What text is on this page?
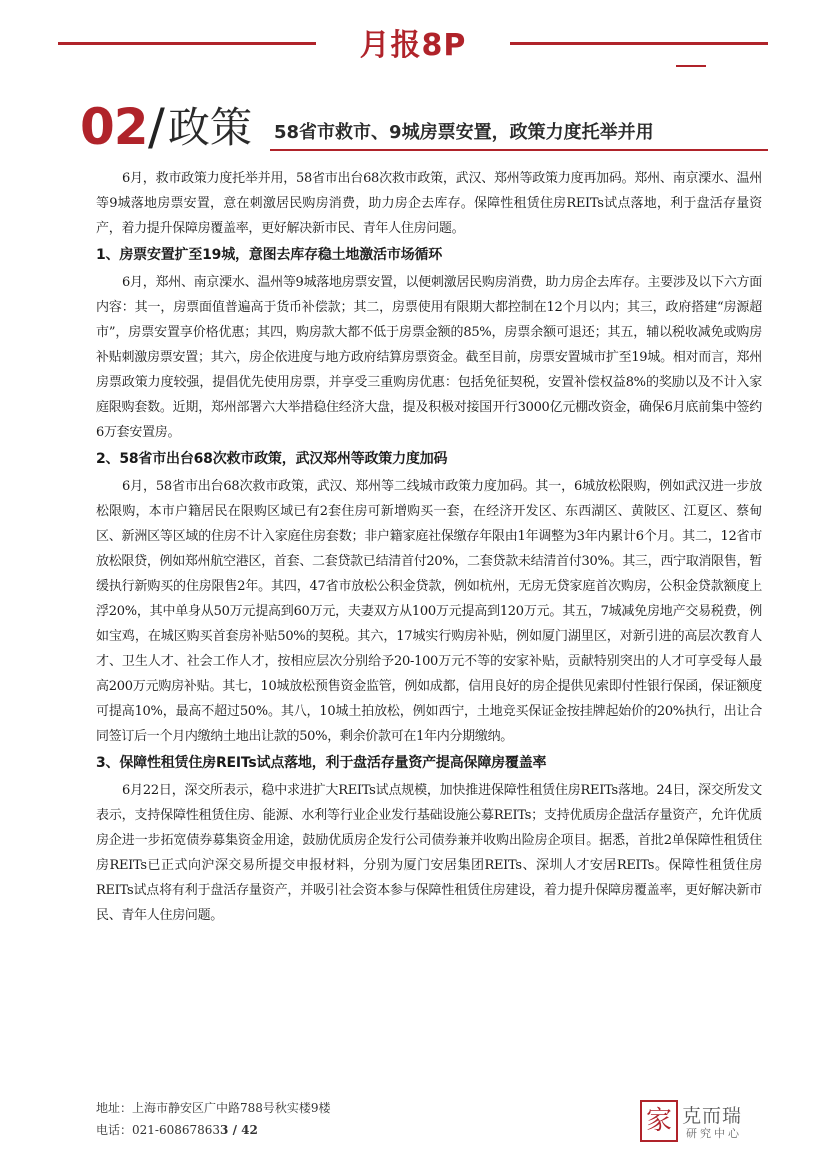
月报8P
02 / 政策 58省市救市、9城房票安置，政策力度托举并用

6月，救市政策力度托举并用，58省市出台68次救市政策，武汉、郑州等政策力度再加码。郑州、南京溧水、温州等9城落地房票安置，意在刺激居民购房消费，助力房企去库存。保障性租赁住房REITs试点落地，利于盘活存量资产，着力提升保障房覆盖率，更好解决新市民、青年人住房问题。

1、房票安置扩至19城，意图去库存稳土地激活市场循环

6月，郑州、南京溧水、温州等9城落地房票安置，以便刺激居民购房消费，助力房企去库存。主要涉及以下六方面内容：其一，房票面值普遍高于货币补偿款；其二，房票使用有限期大都控制在12个月以内；其三，政府搭建“房源超市”，房票安置享价格优惠；其四，购房款大都不低于房票金额的85%，房票余额可退还；其五，辅以税收减免或购房补贴刺激房票安置；其六，房企依进度与地方政府结算房票资金。截至目前，房票安置城市扩至19城。相对而言，郑州房票政策力度较强，提倡优先使用房票，并享受三重购房优惠：包括免征契税，安置补偿权益8%的奖励以及不计入家庭限购套数。近期，郑州部署六大举措稳住经济大盘，提及积极对接国开行3000亿元棚改资金，确保6月底前集中签约6万套安置房。

2、58省市出台68次救市政策，武汉郑州等政策力度加码

6月，58省市出台68次救市政策，武汉、郑州等二线城市政策力度加码。其一，6城放松限购，例如武汉进一步放松限购，本市户籍居民在限购区域已有2套住房可新增购买一套，在经济开发区、东西湖区、黄陂区、江夏区、蔡甸区、新洲区等区域的住房不计入家庭住房套数；非户籍家庭社保缴存年限由1年调整为3年内累计6个月。其二，12省市放松限贷，例如郑州航空港区，首套、二套贷款已结清首付20%，二套贷款未结清首付30%。其三，西宁取消限售，暂缓执行新购买的住房限售2年。其四，47省市放松公积金贷款，例如杭州，无房无贷家庭首次购房，公积金贷款额度上浮20%，其中单身从50万元提高到60万元，夫妻双方从100万元提高到120万元。其五，7城减免房地产交易税费，例如宝鸡，在城区购买首套房补贴50%的契税。其六，17城实行购房补贴，例如厦门湖里区，对新引进的高层次教育人才、卫生人才、社会工作人才，按相应层次分别给予20-100万元不等的安家补贴，贡献特别突出的人才可享受每人最高200万元购房补贴。其七，10城放松预售资金监管，例如成都，信用良好的房企提供见索即付性银行保函，保证额度可提高10%，最高不超过50%。其八，10城土拍放松，例如西宁，土地竞买保证金按挂牌起始价的20%执行，出让合同签订后一个月内缴纳土地出让款的50%，剩余价款可在1年内分期缴纳。

3、保障性租赁住房REITs试点落地，利于盘活存量资产提高保障房覆盖率

6月22日，深交所表示，稳中求进扩大REITs试点规模，加快推进保障性租赁住房REITs落地。24日，深交所发文表示，支持保障性租赁住房、能源、水利等行业企业发行基础设施公募REITs；支持优质房企盘活存量资产，允许优质房企进一步拓宽债券募集资金用途，鼓励优质房企发行公司债券兼并收购出险房企项目。据悉，首批2单保障性租赁住房REITs已正式向沪深交易所提交申报材料，分别为厦门安居集团REITs、深圳人才安居REITs。保障性租赁住房REITs试点将有利于盘活存量资产，并吸引社会资本参与保障性租赁住房建设，着力提升保障房覆盖率，更好解决新市民、青年人住房问题。

地址：上海市静安区广中路788号秋实楼9楼
电话：021-608678633 / 42	家 克而瑞
研究中心
